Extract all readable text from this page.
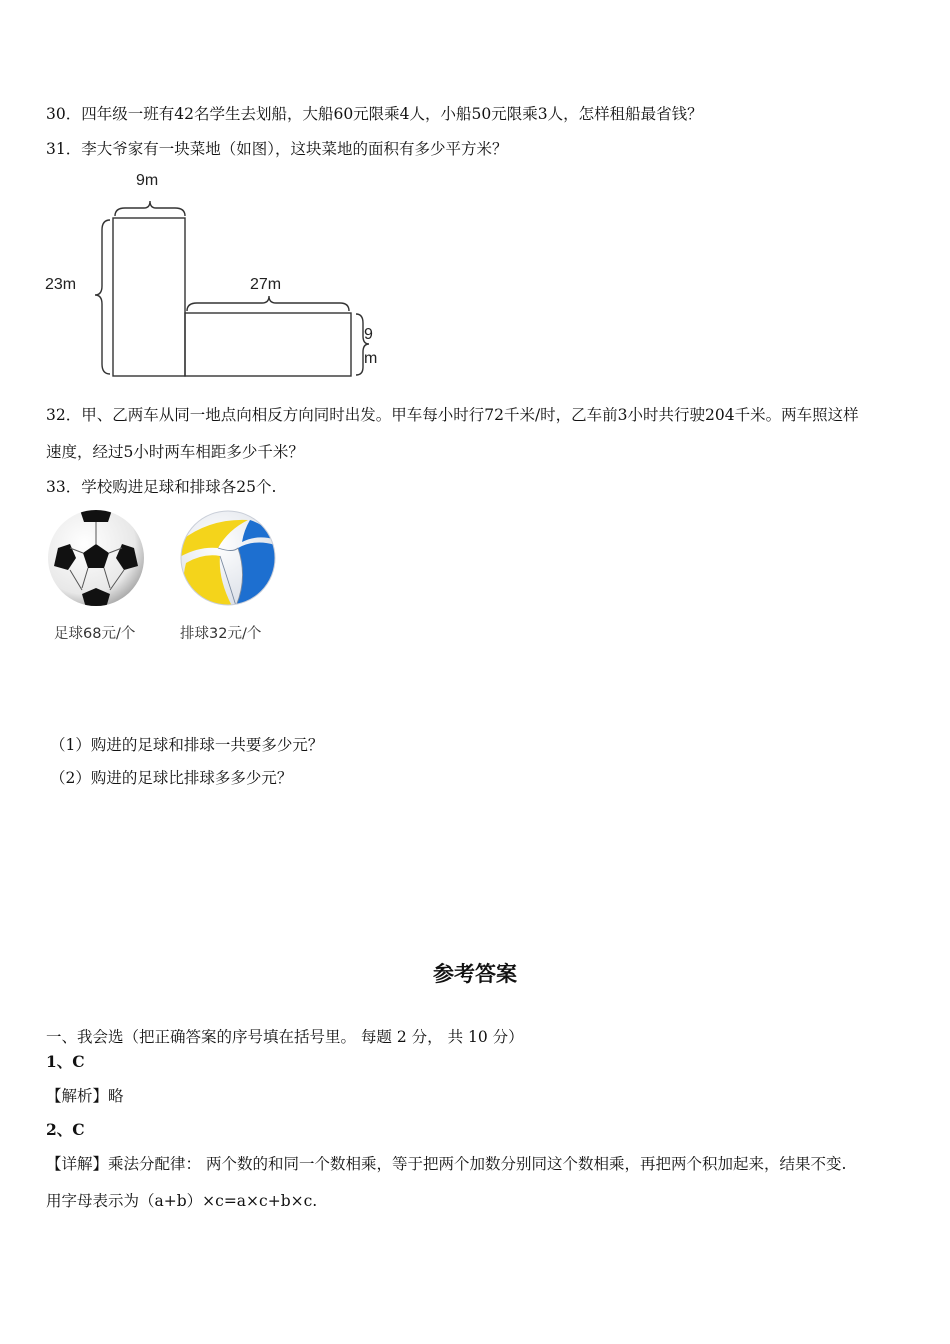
30．四年级一班有42名学生去划船，大船60元限乘4人，小船50元限乘3人，怎样租船最省钱？
31．李大爷家有一块菜地（如图），这块菜地的面积有多少平方米？
9m
23m	27m
9
m
32．甲、乙两车从同一地点向相反方向同时出发。甲车每小时行72千米/时，乙车前3小时共行驶204千米。两车照这样
速度，经过5小时两车相距多少千米？
33．学校购进足球和排球各25个.
足球68元/个	排球32元/个
（1）购进的足球和排球一共要多少元？
（2）购进的足球比排球多多少元？
参考答案
一、我会选（把正确答案的序号填在括号里。 每题 2 分， 共 10 分）
1、C
【解析】略
2、C
【详解】乘法分配律： 两个数的和同一个数相乘，等于把两个加数分别同这个数相乘，再把两个积加起来，结果不变.
用字母表示为（a+b）×c=a×c+b×c.
